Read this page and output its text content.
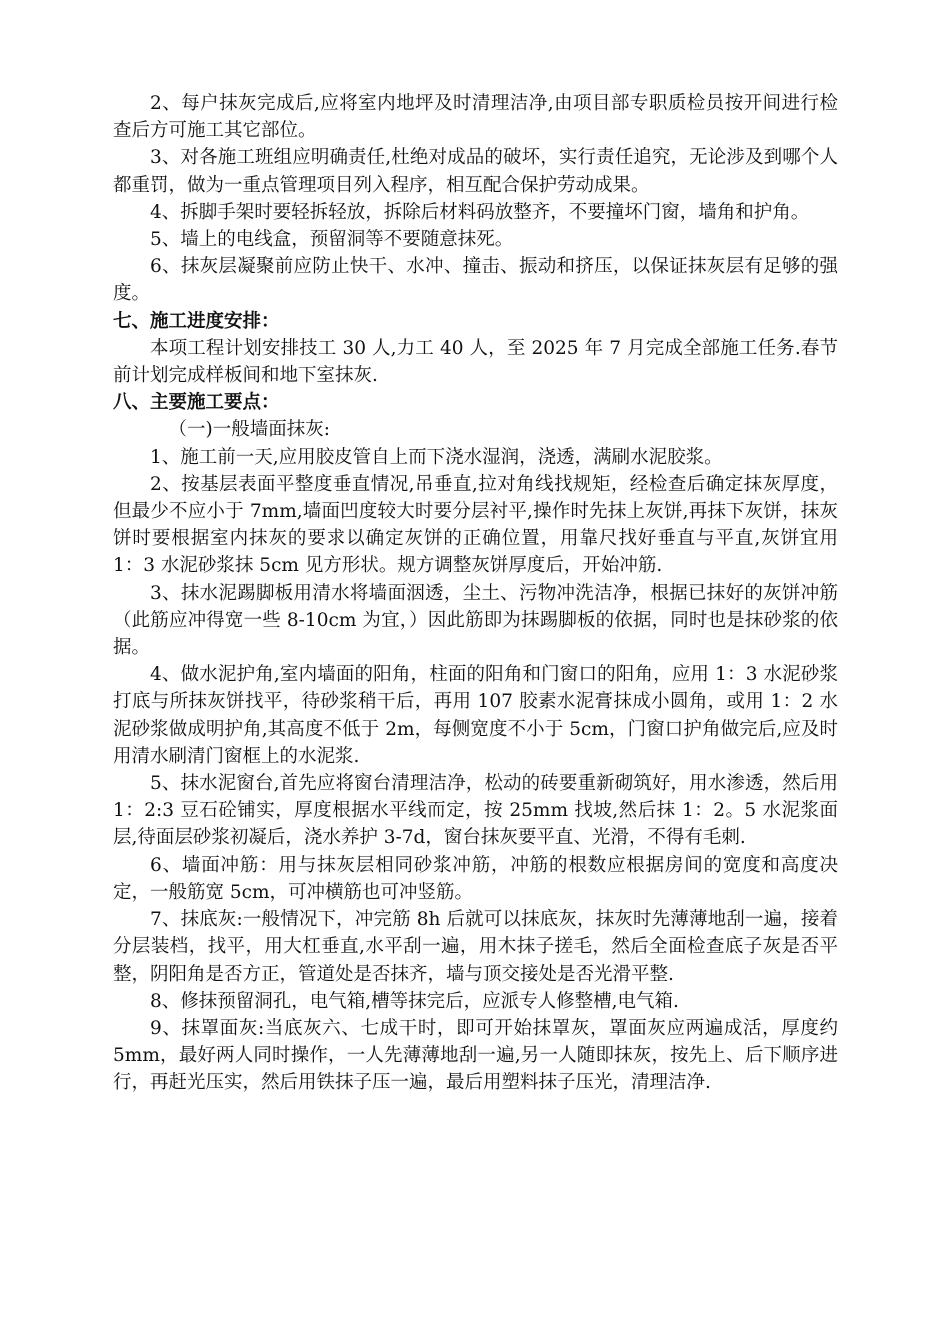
2、每户抹灰完成后,应将室内地坪及时清理洁净,由项目部专职质检员按开间进行检查后方可施工其它部位。

3、对各施工班组应明确责任,杜绝对成品的破坏，实行责任追究，无论涉及到哪个人都重罚，做为一重点管理项目列入程序，相互配合保护劳动成果。

4、拆脚手架时要轻拆轻放，拆除后材料码放整齐，不要撞坏门窗，墙角和护角。

5、墙上的电线盒，预留洞等不要随意抹死。

6、抹灰层凝聚前应防止快干、水冲、撞击、振动和挤压，以保证抹灰层有足够的强度。

七、施工进度安排：

本项工程计划安排技工 30 人,力工 40 人，至 2025 年 7 月完成全部施工任务.春节前计划完成样板间和地下室抹灰.

八、主要施工要点：

（一)一般墙面抹灰:

1、施工前一天,应用胶皮管自上而下浇水湿润，浇透，满刷水泥胶浆。

2、按基层表面平整度垂直情况,吊垂直,拉对角线找规矩，经检查后确定抹灰厚度，但最少不应小于 7mm,墙面凹度较大时要分层衬平,操作时先抹上灰饼,再抹下灰饼，抹灰饼时要根据室内抹灰的要求以确定灰饼的正确位置，用靠尺找好垂直与平直,灰饼宜用 1：3 水泥砂浆抹 5cm 见方形状。规方调整灰饼厚度后，开始冲筋.

3、抹水泥踢脚板用清水将墙面洇透，尘土、污物冲洗洁净，根据已抹好的灰饼冲筋（此筋应冲得宽一些 8-10cm 为宜，）因此筋即为抹踢脚板的依据，同时也是抹砂浆的依据。

4、做水泥护角,室内墙面的阳角，柱面的阳角和门窗口的阳角，应用 1：3 水泥砂浆打底与所抹灰饼找平，待砂浆稍干后，再用 107 胶素水泥膏抹成小圆角，或用 1：2 水泥砂浆做成明护角,其高度不低于 2m，每侧宽度不小于 5cm，门窗口护角做完后,应及时用清水刷清门窗框上的水泥浆.

5、抹水泥窗台,首先应将窗台清理洁净，松动的砖要重新砌筑好，用水渗透，然后用 1：2:3 豆石砼铺实，厚度根据水平线而定，按 25mm 找坡,然后抹 1：2。5 水泥浆面层,待面层砂浆初凝后，浇水养护 3-7d，窗台抹灰要平直、光滑，不得有毛刺.

6、墙面冲筋：用与抹灰层相同砂浆冲筋，冲筋的根数应根据房间的宽度和高度决定，一般筋宽 5cm，可冲横筋也可冲竖筋。

7、抹底灰:一般情况下，冲完筋 8h 后就可以抹底灰，抹灰时先薄薄地刮一遍，接着分层装档，找平，用大杠垂直,水平刮一遍，用木抹子搓毛，然后全面检查底子灰是否平整，阴阳角是否方正，管道处是否抹齐，墙与顶交接处是否光滑平整.

8、修抹预留洞孔，电气箱,槽等抹完后，应派专人修整槽,电气箱.

9、抹罩面灰:当底灰六、七成干时，即可开始抹罩灰，罩面灰应两遍成活，厚度约 5mm，最好两人同时操作，一人先薄薄地刮一遍,另一人随即抹灰，按先上、后下顺序进行，再赶光压实，然后用铁抹子压一遍，最后用塑料抹子压光，清理洁净.
